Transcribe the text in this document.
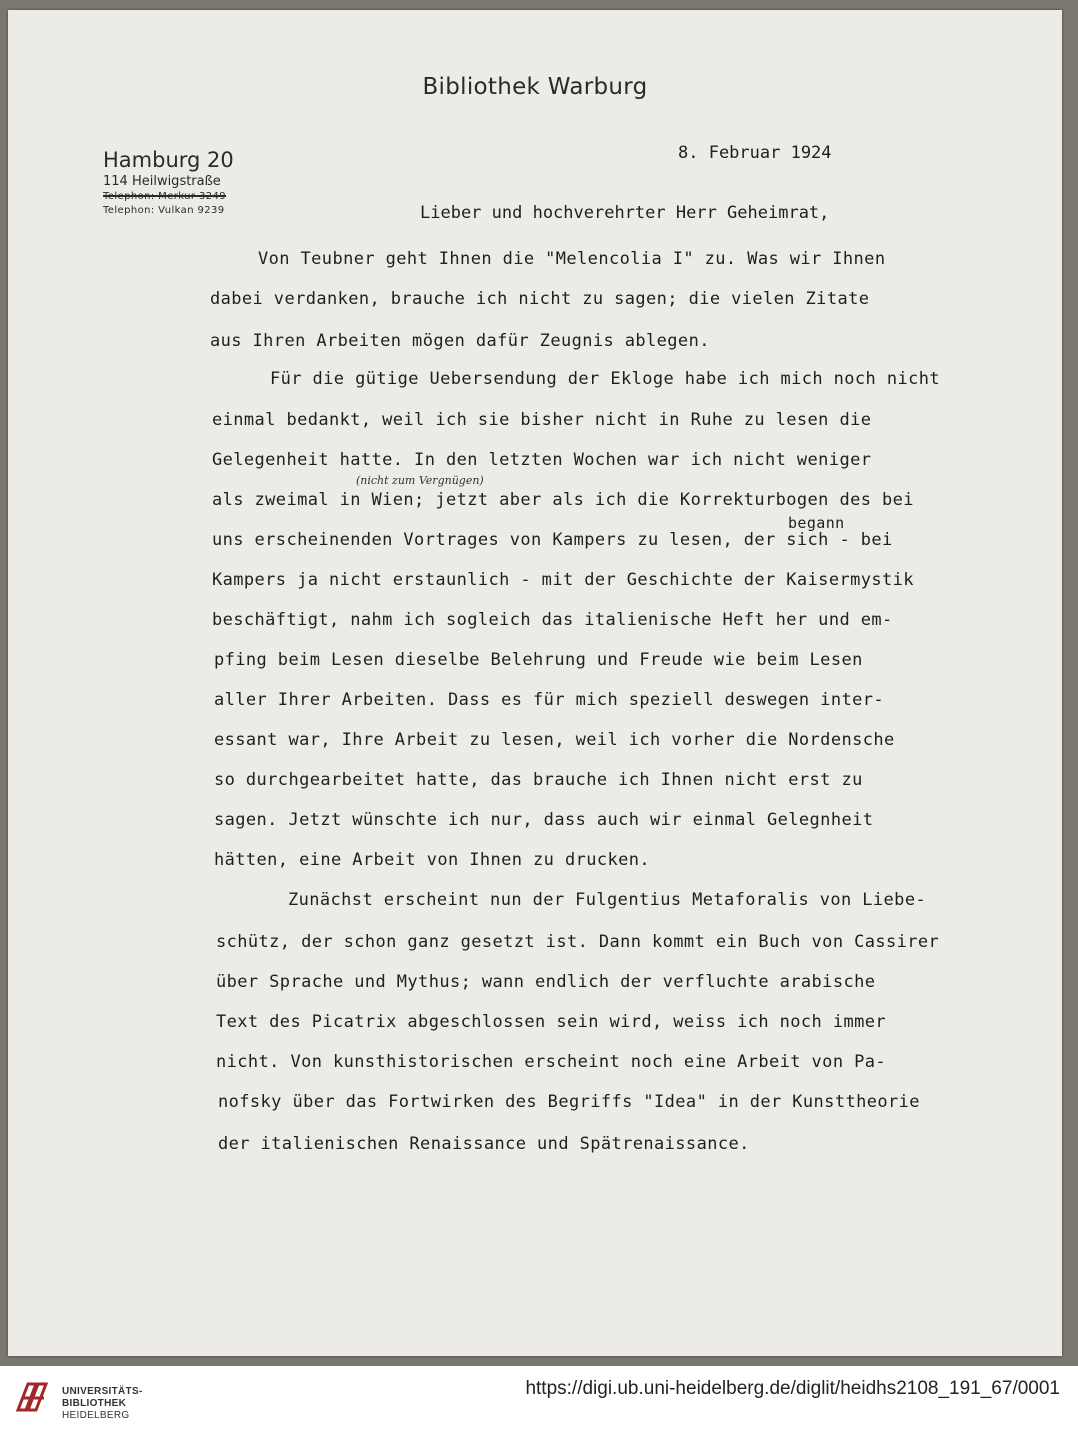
Bibliothek Warburg
Hamburg 20
114 Heilwigstraße
Telephon: Merkur 3249
Telephon: Vulkan 9239
8. Februar 1924
Lieber und hochverehrter Herr Geheimrat,
Von Teubner geht Ihnen die "Melencolia I" zu. Was wir Ihnen
dabei verdanken, brauche ich nicht zu sagen; die vielen Zitate
aus Ihren Arbeiten mögen dafür Zeugnis ablegen.
Für die gütige Uebersendung der Ekloge habe ich mich noch nicht
einmal bedankt, weil ich sie bisher nicht in Ruhe zu lesen die
Gelegenheit hatte. In den letzten Wochen war ich nicht weniger
als zweimal in Wien; jetzt aber als ich die Korrekturbogen des bei
uns erscheinenden Vortrages von Kampers zu lesen, der sich - bei
Kampers ja nicht erstaunlich - mit der Geschichte der Kaisermystik
beschäftigt, nahm ich sogleich das italienische Heft her und em-
pfing beim Lesen dieselbe Belehrung und Freude wie beim Lesen
aller Ihrer Arbeiten. Dass es für mich speziell deswegen inter-
essant war, Ihre Arbeit zu lesen, weil ich vorher die Nordensche
so durchgearbeitet hatte, das brauche ich Ihnen nicht erst zu
sagen. Jetzt wünschte ich nur, dass auch wir einmal Gelegnheit
hätten, eine Arbeit von Ihnen zu drucken.
Zunächst erscheint nun der Fulgentius Metaforalis von Liebe-
schütz, der schon ganz gesetzt ist. Dann kommt ein Buch von Cassirer
über Sprache und Mythus; wann endlich der verfluchte arabische
Text des Picatrix abgeschlossen sein wird, weiss ich noch immer
nicht. Von kunsthistorischen erscheint noch eine Arbeit von Pa-
nofsky über das Fortwirken des Begriffs "Idea" in der Kunsttheorie
der italienischen Renaissance und Spätrenaissance.
(nicht zum Vergnügen)
begann
UNIVERSITÄTS-
BIBLIOTHEK
HEIDELBERG
https://digi.ub.uni-heidelberg.de/diglit/heidhs2108_191_67/0001
